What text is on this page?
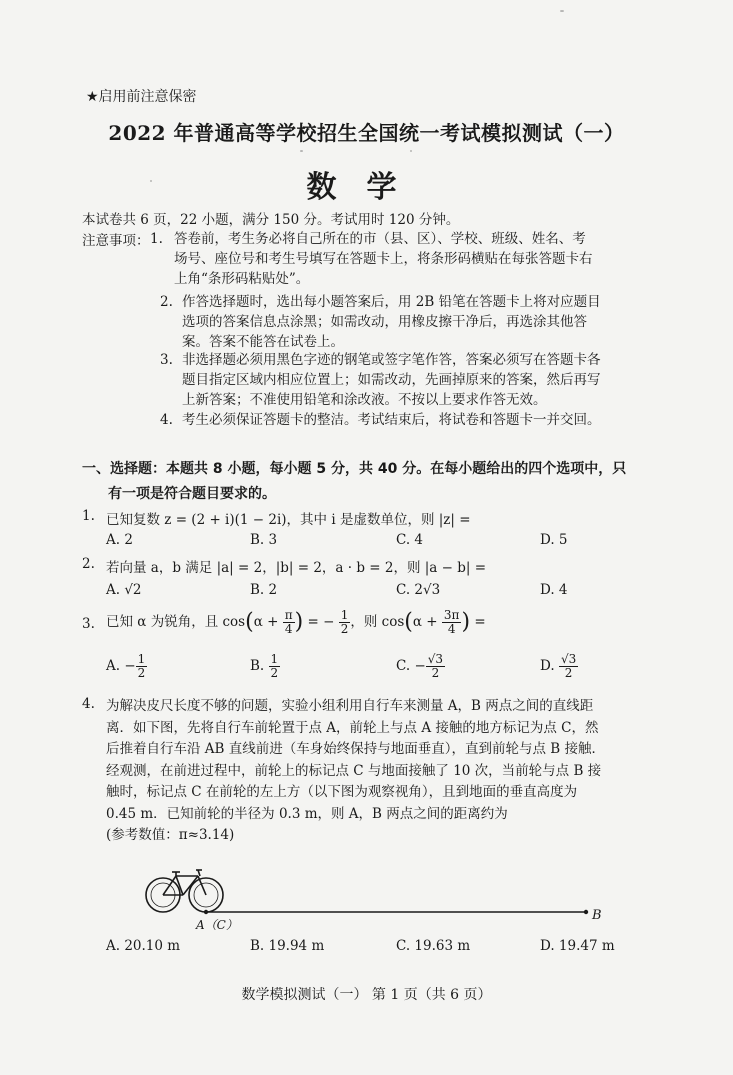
★启用前注意保密
2022 年普通高等学校招生全国统一考试模拟测试（一）
数学
本试卷共 6 页，22 小题，满分 150 分。考试用时 120 分钟。
注意事项： 1. 答卷前，考生务必将自己所在的市（县、区）、学校、班级、姓名、考
场号、座位号和考生号填写在答题卡上，将条形码横贴在每张答题卡右
上角“条形码粘贴处”。
2. 作答选择题时，选出每小题答案后，用 2B 铅笔在答题卡上将对应题目
选项的答案信息点涂黑；如需改动，用橡皮擦干净后，再选涂其他答
案。答案不能答在试卷上。
3. 非选择题必须用黑色字迹的钢笔或签字笔作答，答案必须写在答题卡各
题目指定区域内相应位置上；如需改动，先画掉原来的答案，然后再写
上新答案；不准使用铅笔和涂改液。不按以上要求作答无效。
4. 考生必须保证答题卡的整洁。考试结束后，将试卷和答题卡一并交回。
一、选择题：本题共 8 小题，每小题 5 分，共 40 分。在每小题给出的四个选项中，只
有一项是符合题目要求的。
1. 已知复数 z = (2 + i)(1 − 2i)，其中 i 是虚数单位，则 |z| =
A. 2	B. 3	C. 4	D. 5
2. 若向量 a，b 满足 |a| = 2，|b| = 2，a · b = 2，则 |a − b| =
A. √2	B. 2	C. 2√3	D. 4
3. 已知 α 为锐角，且 $\cos(\alpha + \frac{\pi}{4}$ ) = − $\frac{1}{2}$ ，则 $\cos(\alpha + \frac{3\pi}{4}$ ) =
A. − $\frac{1}{2}$	B. $\frac{1}{2}$	C. − $\frac{√3}{2}$	D. $\frac{√3}{2}$
4. 为解决皮尺长度不够的问题，实验小组利用自行车来测量 A，B 两点之间的直线距
离．如下图，先将自行车前轮置于点 A，前轮上与点 A 接触的地方标记为点 C，然
后推着自行车沿 AB 直线前进（车身始终保持与地面垂直），直到前轮与点 B 接触．
经观测，在前进过程中，前轮上的标记点 C 与地面接触了 10 次，当前轮与点 B 接
触时，标记点 C 在前轮的左上方（以下图为观察视角），且到地面的垂直高度为
0.45 m．已知前轮的半径为 0.3 m，则 A，B 两点之间的距离约为
(参考数值：π≈3.14)
A（C）
B
A. 20.10 m	B. 19.94 m	C. 19.63 m	D. 19.47 m
数学模拟测试（一） 第 1 页（共 6 页）
